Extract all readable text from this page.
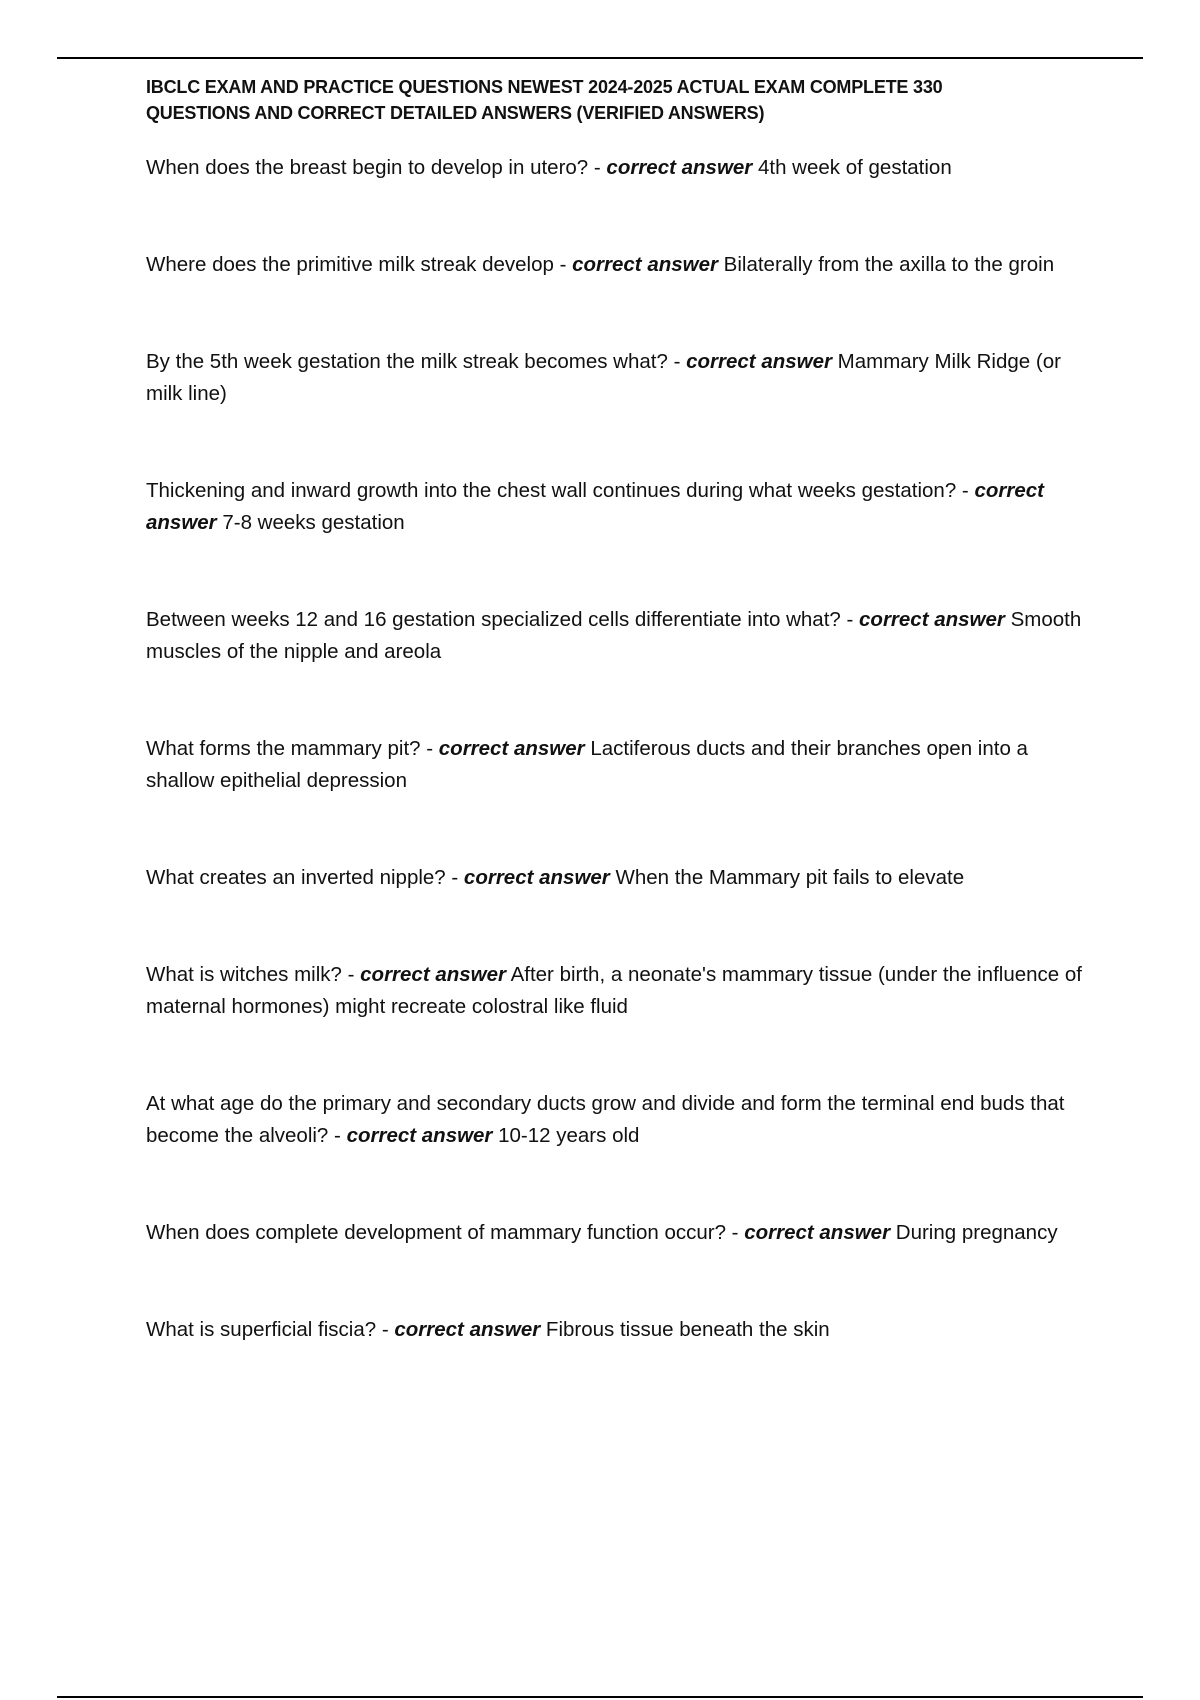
IBCLC EXAM AND PRACTICE QUESTIONS NEWEST 2024-2025 ACTUAL EXAM COMPLETE 330
QUESTIONS AND CORRECT DETAILED ANSWERS (VERIFIED ANSWERS)
When does the breast begin to develop in utero? - correct answer 4th week of gestation
Where does the primitive milk streak develop - correct answer Bilaterally from the axilla to the groin
By the 5th week gestation the milk streak becomes what? - correct answer Mammary Milk Ridge (or milk line)
Thickening and inward growth into the chest wall continues during what weeks gestation? - correct answer 7-8 weeks gestation
Between weeks 12 and 16 gestation specialized cells differentiate into what? - correct answer Smooth muscles of the nipple and areola
What forms the mammary pit? - correct answer Lactiferous ducts and their branches open into a shallow epithelial depression
What creates an inverted nipple? - correct answer When the Mammary pit fails to elevate
What is witches milk? - correct answer After birth, a neonate's mammary tissue (under the influence of maternal hormones) might recreate colostral like fluid
At what age do the primary and secondary ducts grow and divide and form the terminal end buds that become the alveoli? - correct answer 10-12 years old
When does complete development of mammary function occur? - correct answer During pregnancy
What is superficial fiscia? - correct answer Fibrous tissue beneath the skin
